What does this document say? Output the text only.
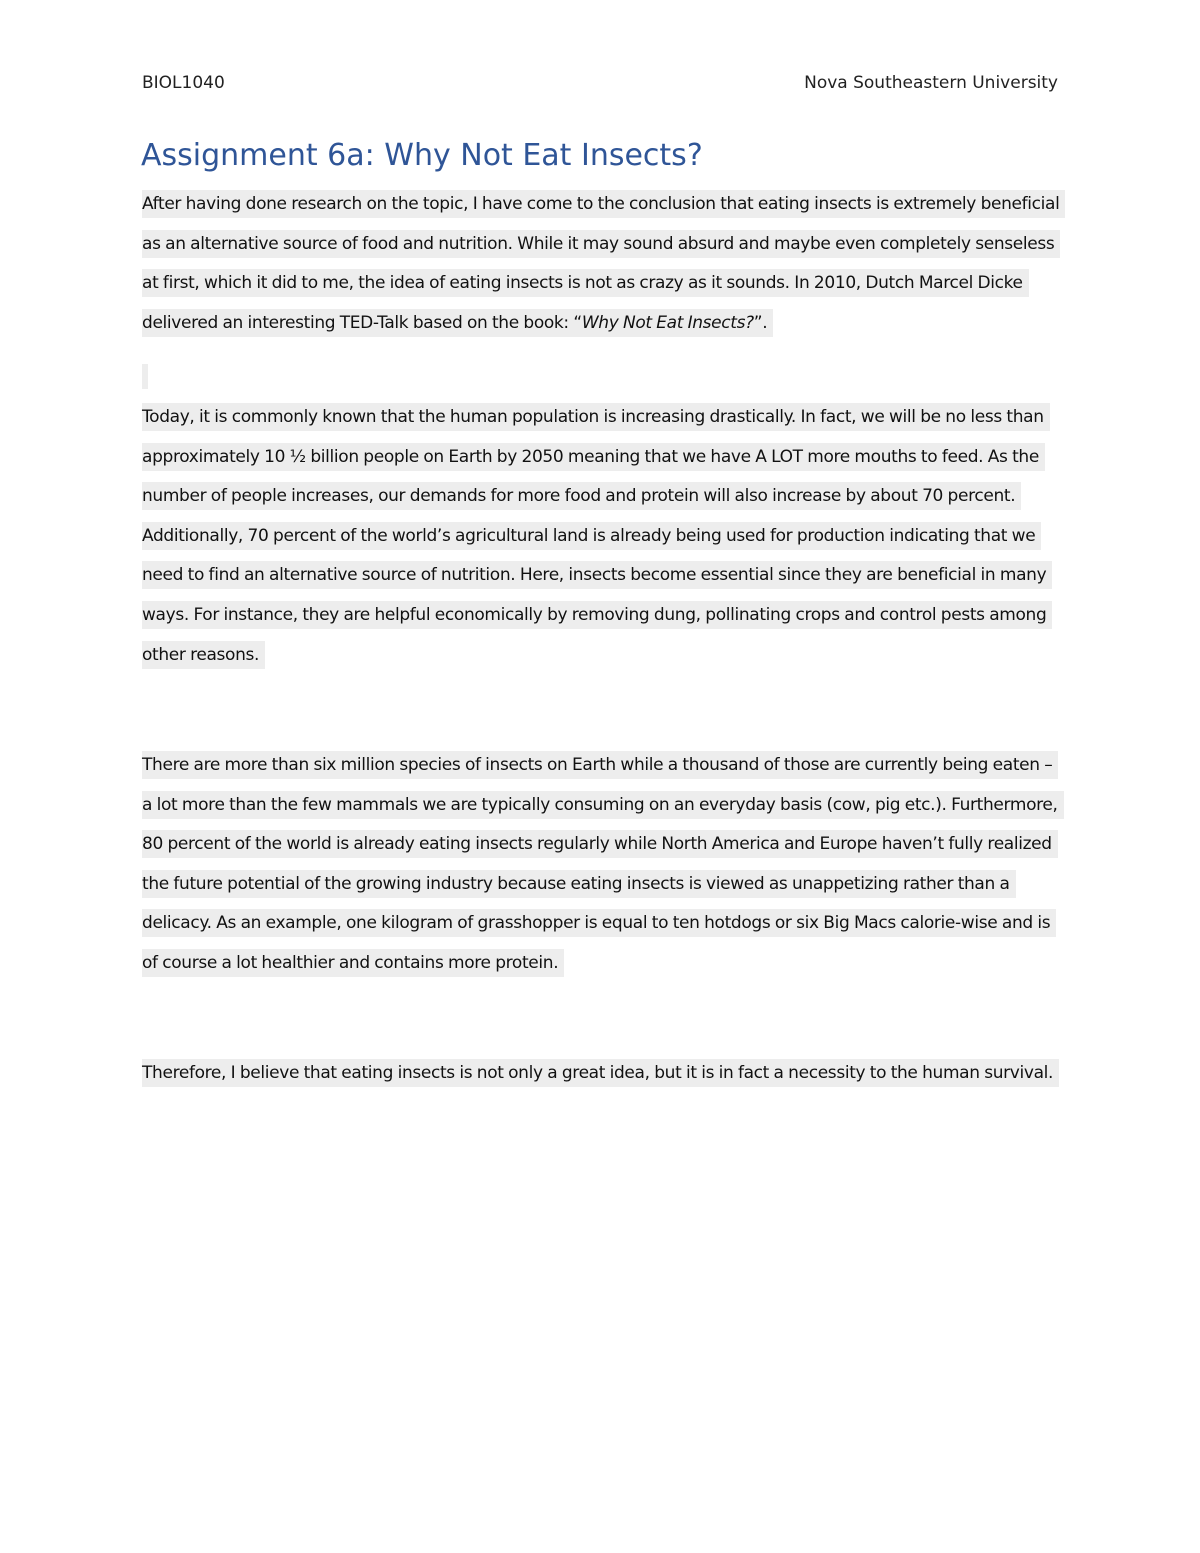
BIOL1040	Nova Southeastern University
Assignment 6a: Why Not Eat Insects?

After having done research on the topic, I have come to the conclusion that eating insects is extremely beneficial as an alternative source of food and nutrition. While it may sound absurd and maybe even completely senseless at first, which it did to me, the idea of eating insects is not as crazy as it sounds. In 2010, Dutch Marcel Dicke delivered an interesting TED-Talk based on the book: “Why Not Eat Insects?”.

Today, it is commonly known that the human population is increasing drastically. In fact, we will be no less than approximately 10 ½ billion people on Earth by 2050 meaning that we have A LOT more mouths to feed. As the number of people increases, our demands for more food and protein will also increase by about 70 percent. Additionally, 70 percent of the world’s agricultural land is already being used for production indicating that we need to find an alternative source of nutrition. Here, insects become essential since they are beneficial in many ways. For instance, they are helpful economically by removing dung, pollinating crops and control pests among other reasons.

There are more than six million species of insects on Earth while a thousand of those are currently being eaten – a lot more than the few mammals we are typically consuming on an everyday basis (cow, pig etc.). Furthermore, 80 percent of the world is already eating insects regularly while North America and Europe haven’t fully realized the future potential of the growing industry because eating insects is viewed as unappetizing rather than a delicacy. As an example, one kilogram of grasshopper is equal to ten hotdogs or six Big Macs calorie-wise and is of course a lot healthier and contains more protein.

Therefore, I believe that eating insects is not only a great idea, but it is in fact a necessity to the human survival.
